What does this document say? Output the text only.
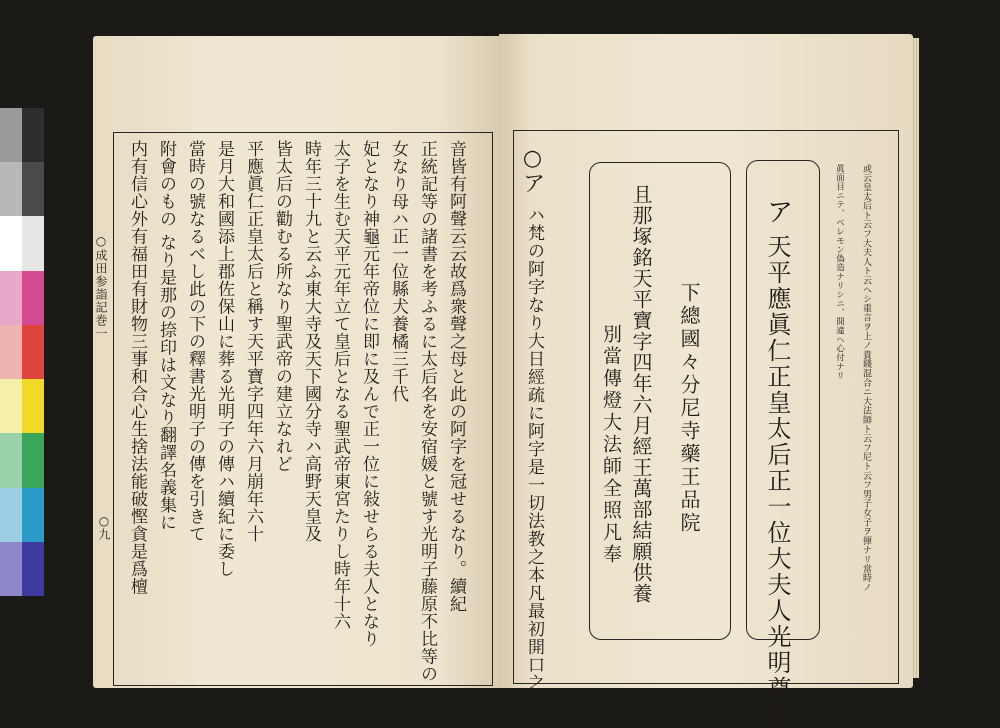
○成田参詣記巻一
○九	音皆有阿聲云云故爲衆聲之母と此の阿字を冠せるなり。續紀
正統記等の諸書を考ふるに太后名を安宿媛と號す光明子藤原不比等の
女なり母ハ正一位縣犬養橘三千代
妃となり神龜元年帝位に即に及んで正一位に敍せらる夫人となり
太子を生む天平元年立て皇后となる聖武帝東宮たりし時年十六
時年三十九と云ふ東大寺及天下國分寺ハ高野天皇及
皆太后の勸むる所なり聖武帝の建立なれど
平應眞仁正皇太后と稱す天平寶字四年六月崩年六十
是月大和國添上郡佐保山に葬る光明子の傳ハ續紀に委し
當時の號なるべし此の下の釋書光明子の傳を引きて
附會のもの なり是那の捺印は文なり翻譯名義集に
内有信心外有福田有財物三事和合心生捨法能破慳貪是爲檀	或云皇太后ト云フ大夫人ト云ヘシ重言ヲ上ノ貴賤混合ニ大法師ト云フ尼ト云フ男子女子ヲ揮ナリ當時ノ
眞面目ニテ、ベレモン偽造ナリシニ、間違ヘ心付ナリ
ア
天平應眞仁正皇太后正一位大夫人光明尊靈
下總國々分尼寺藥王品院
且那塚銘天平寶字四年六月經王萬部結願供養
別當傳燈大法師全照凡奉
○
ア
ハ梵の阿字なり大日經疏に阿字是一切法教之本凡最初開口之
